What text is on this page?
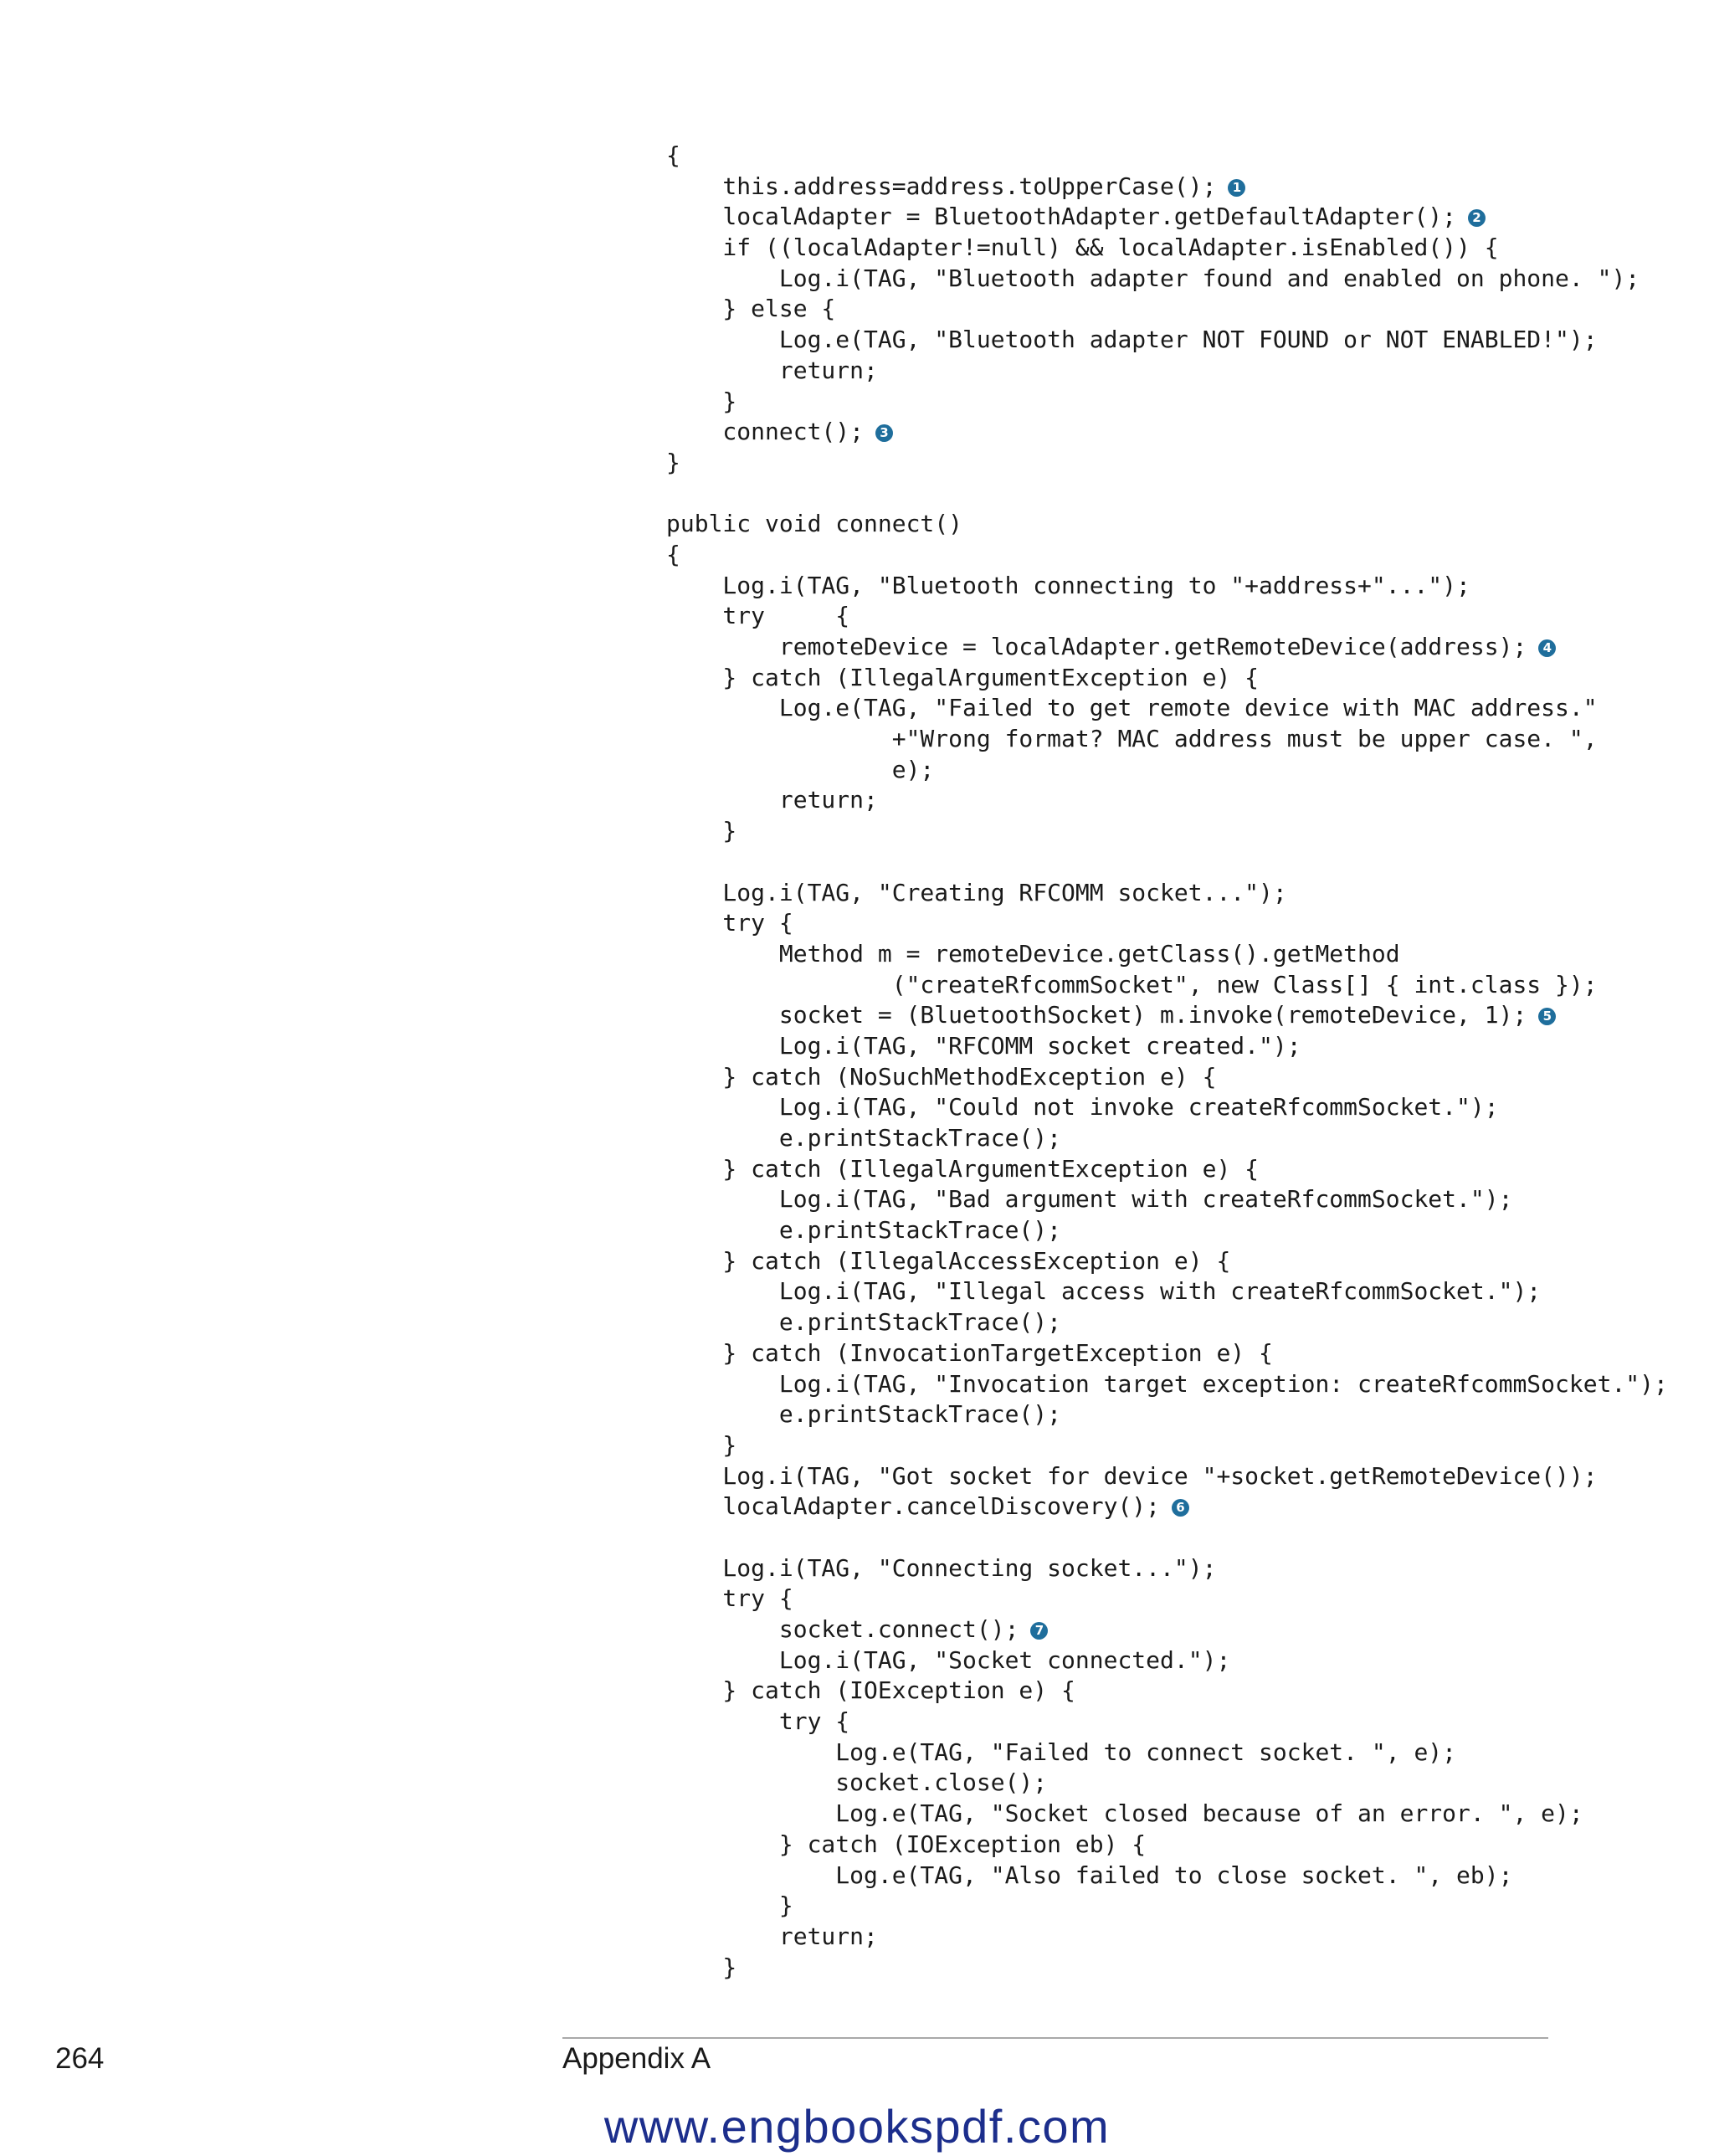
{
this.address=address.toUpperCase(); 1
localAdapter = BluetoothAdapter.getDefaultAdapter(); 2
if ((localAdapter!=null) && localAdapter.isEnabled()) {
Log.i(TAG, "Bluetooth adapter found and enabled on phone. ");
} else {
Log.e(TAG, "Bluetooth adapter NOT FOUND or NOT ENABLED!");
return;
}
connect(); 3
}
public void connect()
{
Log.i(TAG, "Bluetooth connecting to "+address+"...");
try     {
remoteDevice = localAdapter.getRemoteDevice(address); 4
} catch (IllegalArgumentException e) {
Log.e(TAG, "Failed to get remote device with MAC address."
+"Wrong format? MAC address must be upper case. ",
e);
return;
}
Log.i(TAG, "Creating RFCOMM socket...");
try {
Method m = remoteDevice.getClass().getMethod
("createRfcommSocket", new Class[] { int.class });
socket = (BluetoothSocket) m.invoke(remoteDevice, 1); 5
Log.i(TAG, "RFCOMM socket created.");
} catch (NoSuchMethodException e) {
Log.i(TAG, "Could not invoke createRfcommSocket.");
e.printStackTrace();
} catch (IllegalArgumentException e) {
Log.i(TAG, "Bad argument with createRfcommSocket.");
e.printStackTrace();
} catch (IllegalAccessException e) {
Log.i(TAG, "Illegal access with createRfcommSocket.");
e.printStackTrace();
} catch (InvocationTargetException e) {
Log.i(TAG, "Invocation target exception: createRfcommSocket.");
e.printStackTrace();
}
Log.i(TAG, "Got socket for device "+socket.getRemoteDevice());
localAdapter.cancelDiscovery(); 6
Log.i(TAG, "Connecting socket...");
try {
socket.connect(); 7
Log.i(TAG, "Socket connected.");
} catch (IOException e) {
try {
Log.e(TAG, "Failed to connect socket. ", e);
socket.close();
Log.e(TAG, "Socket closed because of an error. ", e);
} catch (IOException eb) {
Log.e(TAG, "Also failed to close socket. ", eb);
}
return;
}
264	Appendix A
www.engbookspdf.com
